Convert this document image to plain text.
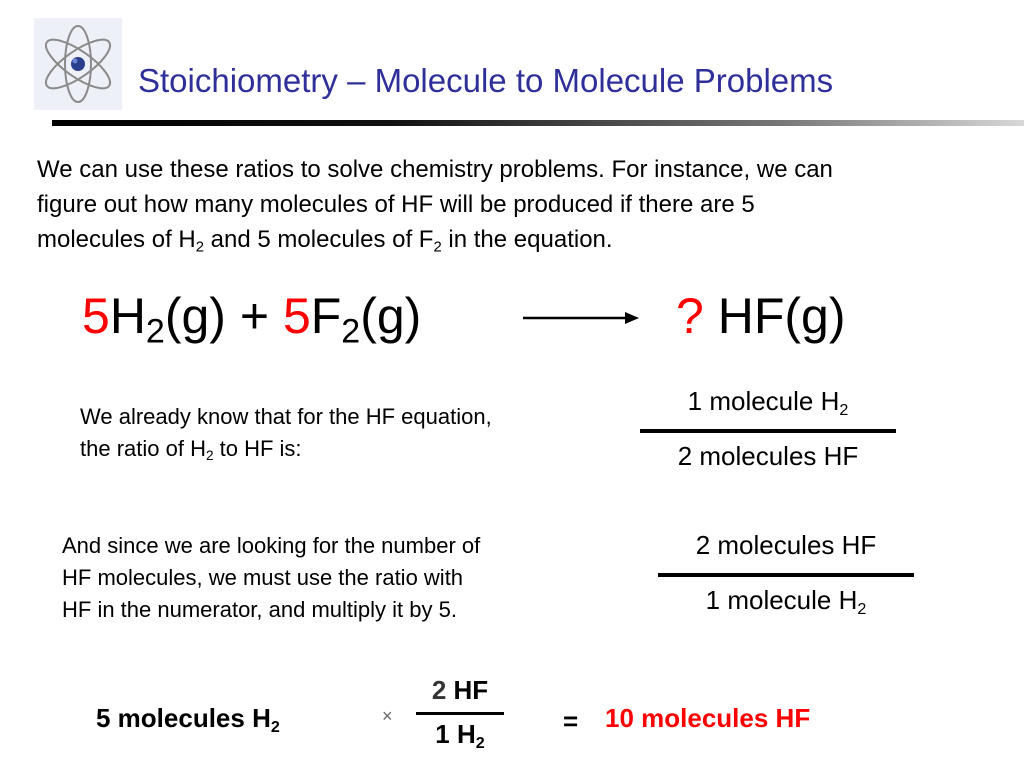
Stoichiometry – Molecule to Molecule Problems
We can use these ratios to solve chemistry problems. For instance, we can
figure out how many molecules of HF will be produced if there are 5
molecules of $H_2$ and 5 molecules of $F_2$ in the equation.
$5H_2(g) + 5F_2(g)$	? HF(g)
We already know that for the HF equation,
the ratio of $H_2$ to HF is:
1 molecule $H_2$
2 molecules HF
And since we are looking for the number of
HF molecules, we must use the ratio with
HF in the numerator, and multiply it by 5.
2 molecules HF
1 molecule $H_2$
5 molecules $H_2$
×
2 HF
1 $H_2$
= 10 molecules HF
